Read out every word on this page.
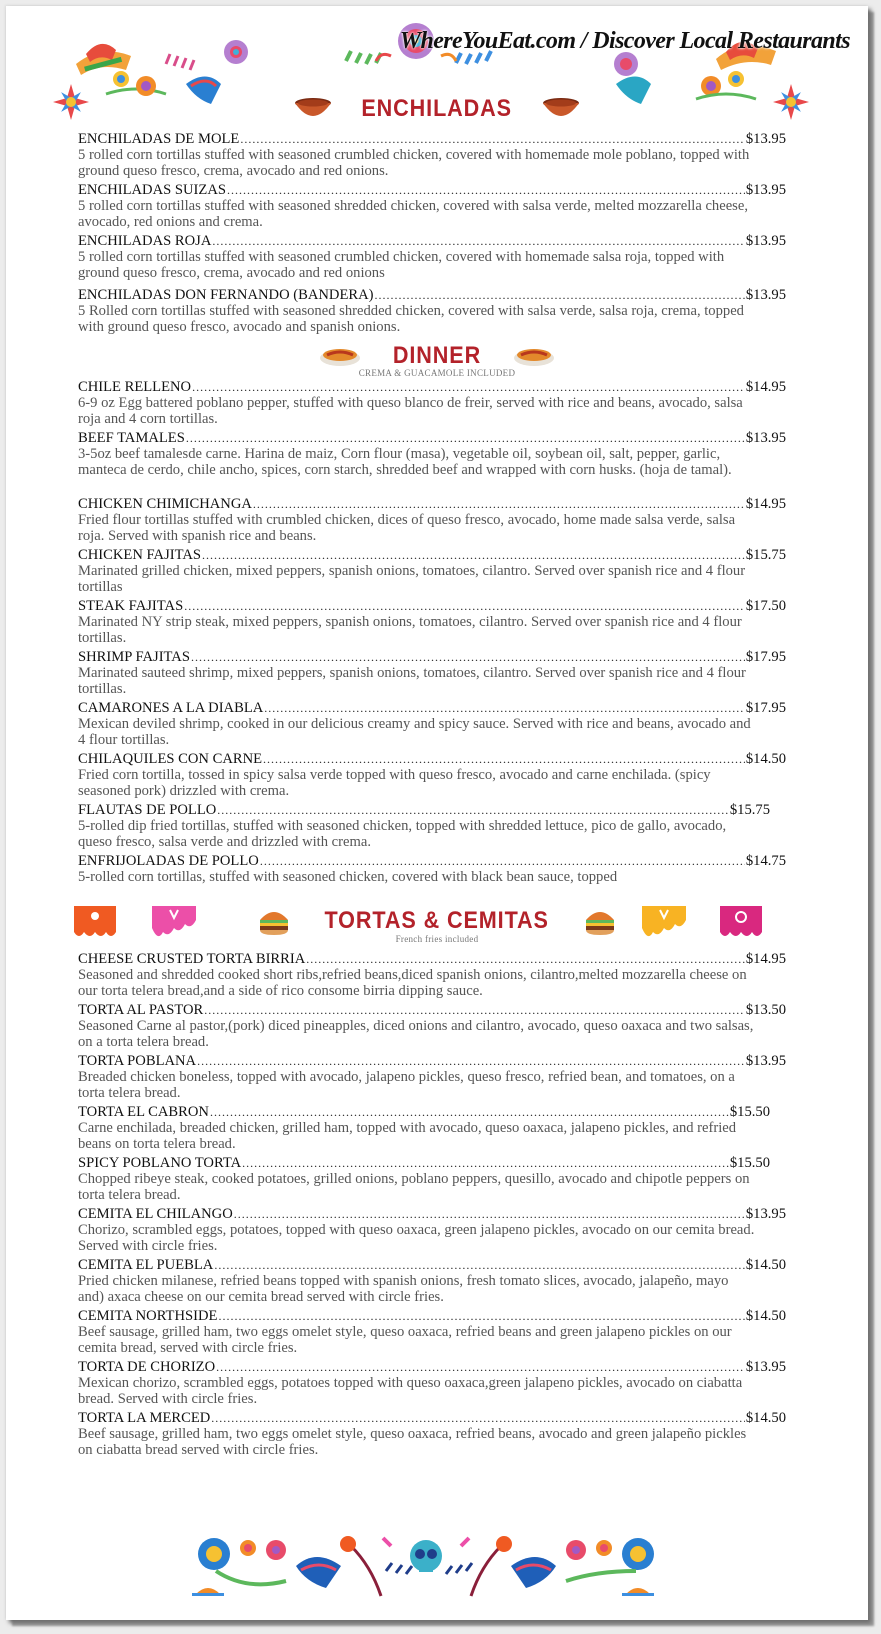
WhereYouEat.com / Discover Local Restaurants
ENCHILADAS
ENCHILADAS DE MOLE .....	$13.95
5 rolled corn tortillas stuffed with seasoned crumbled chicken, covered with homemade mole poblano, topped with ground queso fresco, crema, avocado and red onions.
ENCHILADAS SUIZAS .....	$13.95
5 rolled corn tortillas stuffed with seasoned shredded chicken, covered with salsa verde, melted mozzarella cheese, avocado, red onions and crema.
ENCHILADAS ROJA .....	$13.95
5 rolled corn tortillas stuffed with seasoned crumbled chicken, covered with homemade salsa roja, topped with ground queso fresco, crema, avocado and red onions
ENCHILADAS DON FERNANDO (BANDERA) .....	$13.95
5 Rolled corn tortillas stuffed with seasoned shredded chicken, covered with salsa verde, salsa roja, crema, topped with ground queso fresco, avocado and spanish onions.
DINNER
CREMA & GUACAMOLE INCLUDED
CHILE RELLENO .....	$14.95
6-9 oz Egg battered poblano pepper, stuffed with queso blanco de freir, served with rice and beans, avocado, salsa roja and 4 corn tortillas.
BEEF TAMALES .....	$13.95
3-5oz beef tamalesde carne. Harina de maiz, Corn flour (masa), vegetable oil, soybean oil, salt, pepper, garlic, manteca de cerdo, chile ancho, spices, corn starch, shredded beef and wrapped with corn husks. (hoja de tamal).
CHICKEN CHIMICHANGA .....	$14.95
Fried flour tortillas stuffed with crumbled chicken, dices of queso fresco, avocado, home made salsa verde, salsa roja. Served with spanish rice and beans.
CHICKEN FAJITAS .....	$15.75
Marinated grilled chicken, mixed peppers, spanish onions, tomatoes, cilantro. Served over spanish rice and 4 flour tortillas
STEAK FAJITAS .....	$17.50
Marinated NY strip steak, mixed peppers, spanish onions, tomatoes, cilantro. Served over spanish rice and 4 flour tortillas.
SHRIMP FAJITAS .....	$17.95
Marinated sauteed shrimp, mixed peppers, spanish onions, tomatoes, cilantro. Served over spanish rice and 4 flour tortillas.
CAMARONES A LA DIABLA .....	$17.95
Mexican deviled shrimp, cooked in our delicious creamy and spicy sauce. Served with rice and beans, avocado and 4 flour tortillas.
CHILAQUILES CON CARNE .....	$14.50
Fried corn tortilla, tossed in spicy salsa verde topped with queso fresco, avocado and carne enchilada. (spicy seasoned pork) drizzled with crema.
FLAUTAS DE POLLO .....	$15.75
5-rolled dip fried tortillas, stuffed with seasoned chicken, topped with shredded lettuce, pico de gallo, avocado, queso fresco, salsa verde and drizzled with crema.
ENFRIJOLADAS DE POLLO .....	$14.75
5-rolled corn tortillas, stuffed with seasoned chicken, covered with black bean sauce, topped
TORTAS & CEMITAS
French fries included
CHEESE CRUSTED TORTA BIRRIA .....	$14.95
Seasoned and shredded cooked short ribs,refried beans,diced spanish onions, cilantro,melted mozzarella cheese on our torta telera bread,and a side of rico consome birria dipping sauce.
TORTA AL PASTOR .....	$13.50
Seasoned Carne al pastor,(pork) diced pineapples, diced onions and cilantro, avocado, queso oaxaca and two salsas, on a torta telera bread.
TORTA POBLANA .....	$13.95
Breaded chicken boneless, topped with avocado, jalapeno pickles, queso fresco, refried bean, and tomatoes, on a torta telera bread.
TORTA EL CABRON .....	$15.50
Carne enchilada, breaded chicken, grilled ham, topped with avocado, queso oaxaca, jalapeno pickles, and refried beans on torta telera bread.
SPICY POBLANO TORTA .....	$15.50
Chopped ribeye steak, cooked potatoes, grilled onions, poblano peppers, quesillo, avocado and chipotle peppers on torta telera bread.
CEMITA EL CHILANGO .....	$13.95
Chorizo, scrambled eggs, potatoes, topped with queso oaxaca, green jalapeno pickles, avocado on our cemita bread. Served with circle fries.
CEMITA EL PUEBLA .....	$14.50
Pried chicken milanese, refried beans topped with spanish onions, fresh tomato slices, avocado, jalapeño, mayo and) axaca cheese on our cemita bread served with circle fries.
CEMITA NORTHSIDE .....	$14.50
Beef sausage, grilled ham, two eggs omelet style, queso oaxaca, refried beans and green jalapeno pickles on our cemita bread, served with circle fries.
TORTA DE CHORIZO .....	$13.95
Mexican chorizo, scrambled eggs, potatoes topped with queso oaxaca,green jalapeno pickles, avocado on ciabatta bread. Served with circle fries.
TORTA LA MERCED .....	$14.50
Beef sausage, grilled ham, two eggs omelet style, queso oaxaca, refried beans, avocado and green jalapeño pickles on ciabatta bread served with circle fries.
